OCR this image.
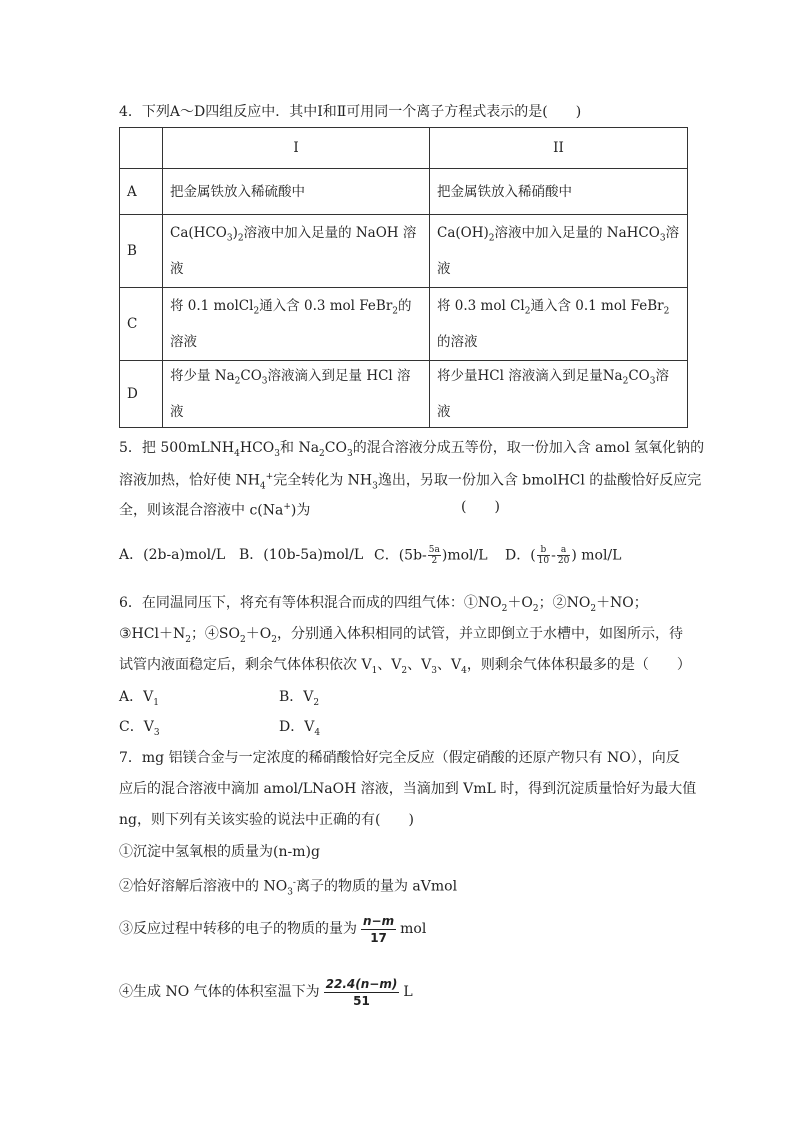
4．下列A～D四组反应中．其中Ⅰ和Ⅱ可用同一个离子方程式表示的是(　　)
	I	II
A	把金属铁放入稀硫酸中	把金属铁放入稀硝酸中
B	$Ca(HCO_3)_2$溶液中加入足量的 NaOH 溶液	$Ca(OH)_2$溶液中加入足量的 NaHCO$_3$溶液
C	将 0.1 molCl$_2$通入含 0.3 mol FeBr$_2$的溶液	将 0.3 mol $Cl_2$通入含 0.1 mol FeBr$_2$的溶液
D	将少量 $Na_2CO_3$溶液滴入到足量 HCl 溶液	将少量HCl 溶液滴入到足量$Na_2CO_3$溶液
5．把 $500mLNH_4HCO_3$和 $Na_2CO_3$的混合溶液分成五等份，取一份加入含 amol 氢氧化钠的
溶液加热，恰好使 $NH_4^+$完全转化为 $NH_3$逸出，另取一份加入含 bmolHCl 的盐酸恰好反应完
全，则该混合溶液中 c(Na+)为	(　　)
A．(2b-a)mol/L B．(10b-5a)mol/L C．$(5b- \frac{5a}{2} )mol/L$ D．( $\frac{b}{10} - \frac{a}{20}$ ) mol/L
6．在同温同压下，将充有等体积混合而成的四组气体：$①NO_2+O_2$；$②NO_2+NO$；
$③HCl+N_2$；$④SO_2+O_2$，分别通入体积相同的试管，并立即倒立于水槽中，如图所示，待
试管内液面稳定后，剩余气体体积依次 $V_1$、$V_2$、$V_3$、$V_4$，则剩余气体体积最多的是（　　）
A．$V_1$	B．$V_2$
C．$V_3$	D．$V_4$
7．mg 铝镁合金与一定浓度的稀硝酸恰好完全反应（假定硝酸的还原产物只有 NO），向反
应后的混合溶液中滴加 amol/LNaOH 溶液，当滴加到 VmL 时，得到沉淀质量恰好为最大值
ng，则下列有关该实验的说法中正确的有(　　)
①沉淀中氢氧根的质量为(n-m)g
②恰好溶解后溶液中的 $NO_3^-$离子的物质的量为 aVmol
③反应过程中转移的电子的物质的量为 $\frac{n-m}{17}$ mol
④生成 NO 气体的体积室温下为 $\frac{22.4(n-m)}{51}$ L
